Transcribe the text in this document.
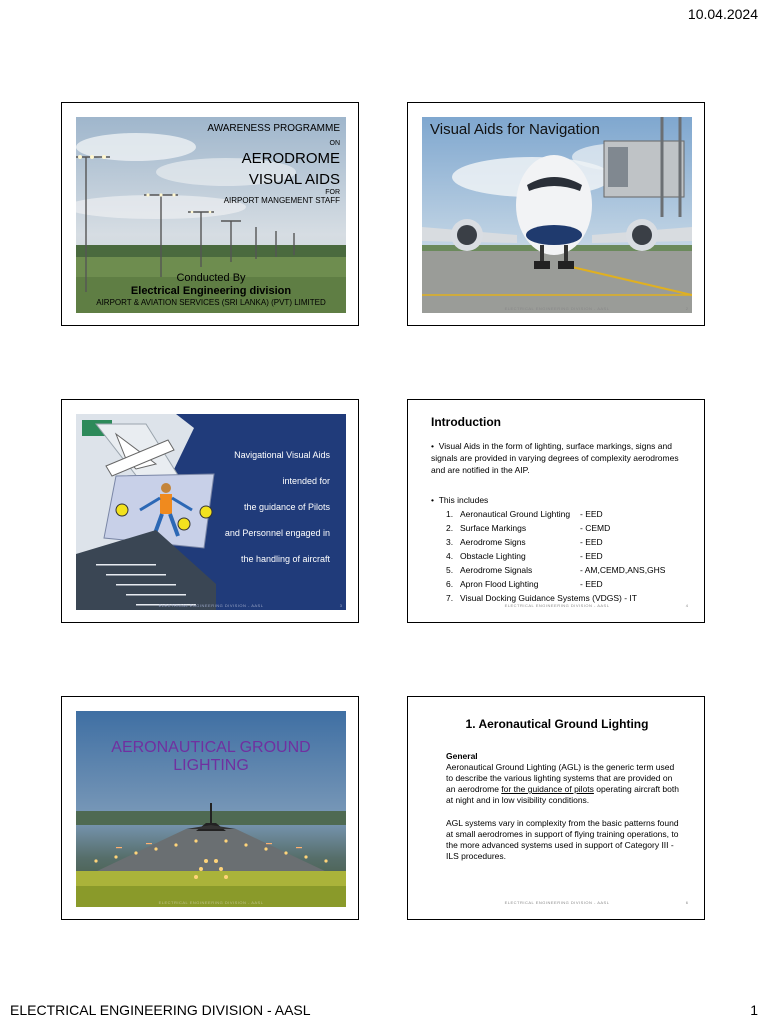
10.04.2024
AWARENESS PROGRAMME
ON
AERODROME
VISUAL AIDS
FOR
AIRPORT MANGEMENT STAFF
Conducted By
Electrical Engineering division
AIRPORT & AVIATION SERVICES (SRI LANKA) (PVT) LIMITED
Visual Aids for Navigation
ELECTRICAL ENGINEERING DIVISION - AASL	2
Navigational Visual Aids
intended for
the guidance of Pilots
and Personnel engaged in
the handling of aircraft
ELECTRICAL ENGINEERING DIVISION - AASL	3
Introduction
•  Visual Aids in the form of lighting, surface markings, signs and signals are provided in varying degrees of complexity aerodromes and are notified in the AIP.
•  This includes
1. Aeronautical Ground Lighting	- EED
2. Surface Markings	- CEMD
3. Aerodrome Signs	- EED
4. Obstacle Lighting	- EED
5. Aerodrome Signals	- AM,CEMD,ANS,GHS
6. Apron Flood Lighting	- EED
7. Visual Docking Guidance Systems (VDGS) - IT
ELECTRICAL ENGINEERING DIVISION - AASL	4
AERONAUTICAL GROUND LIGHTING
ELECTRICAL ENGINEERING DIVISION - AASL
1. Aeronautical Ground Lighting
General
Aeronautical Ground Lighting (AGL) is the generic term used to describe the various lighting systems that are provided on an aerodrome for the guidance of pilots operating aircraft both at night and in low visibility conditions.
AGL systems vary in complexity from the basic patterns found at small aerodromes in support of flying training operations, to the more advanced systems used in support of Category III - ILS procedures.
ELECTRICAL ENGINEERING DIVISION - AASL	6
ELECTRICAL ENGINEERING DIVISION - AASL	1
